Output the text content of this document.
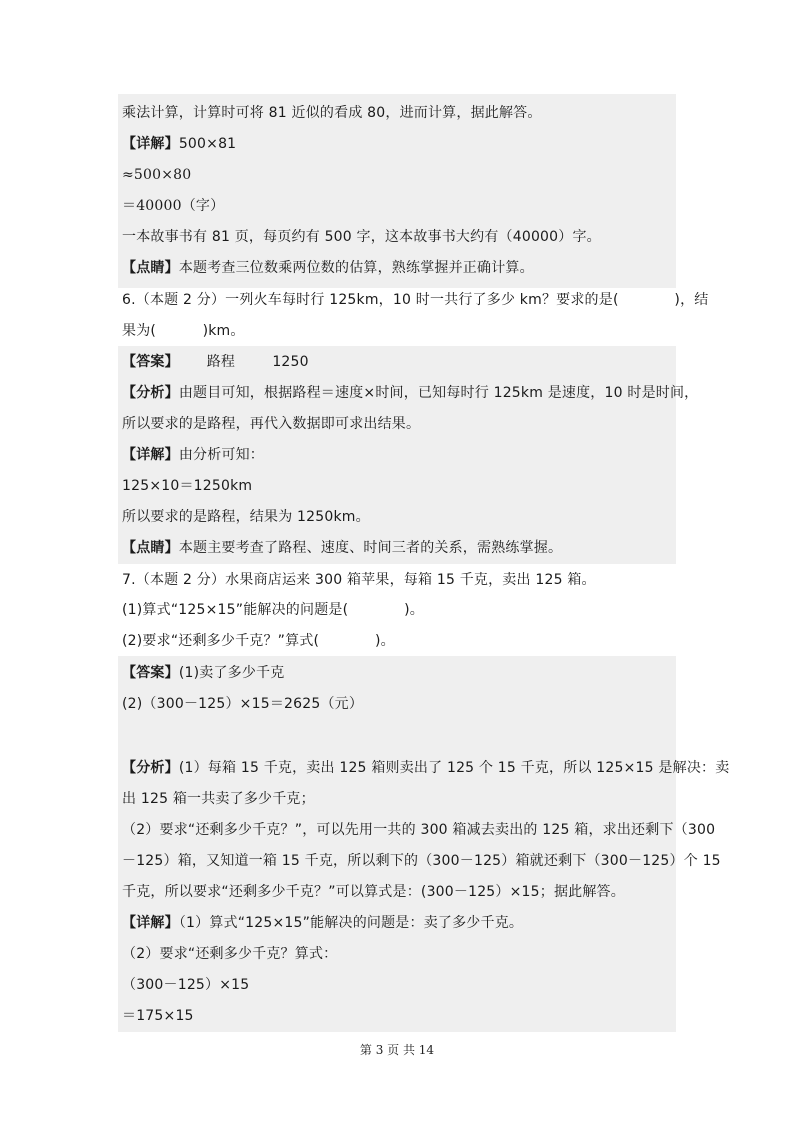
乘法计算，计算时可将 81 近似的看成 80，进而计算，据此解答。
【详解】500×81
≈500×80
＝40000（字）
一本故事书有 81 页，每页约有 500 字，这本故事书大约有（40000）字。
【点睛】本题考查三位数乘两位数的估算，熟练掌握并正确计算。
6.（本题 2 分）一列火车每时行 125km，10 时一共行了多少 km？要求的是(            )，结
果为(          )km。
【答案】      路程        1250
【分析】由题目可知，根据路程＝速度×时间，已知每时行 125km 是速度，10 时是时间，
所以要求的是路程，再代入数据即可求出结果。
【详解】由分析可知：
125×10＝1250km
所以要求的是路程，结果为 1250km。
【点睛】本题主要考查了路程、速度、时间三者的关系，需熟练掌握。
7.（本题 2 分）水果商店运来 300 箱苹果，每箱 15 千克，卖出 125 箱。
(1)算式“125×15”能解决的问题是(            )。
(2)要求“还剩多少千克？”算式(            )。
【答案】(1)卖了多少千克
(2)（300－125）×15＝2625（元）
【分析】(1）每箱 15 千克，卖出 125 箱则卖出了 125 个 15 千克，所以 125×15 是解决：卖
出 125 箱一共卖了多少千克；
（2）要求“还剩多少千克？”，可以先用一共的 300 箱减去卖出的 125 箱，求出还剩下（300
－125）箱，又知道一箱 15 千克，所以剩下的（300－125）箱就还剩下（300－125）个 15
千克，所以要求“还剩多少千克？”可以算式是：(300－125）×15；据此解答。
【详解】（1）算式“125×15”能解决的问题是：卖了多少千克。
（2）要求“还剩多少千克？算式：
（300－125）×15
＝175×15
第 3 页 共 14
